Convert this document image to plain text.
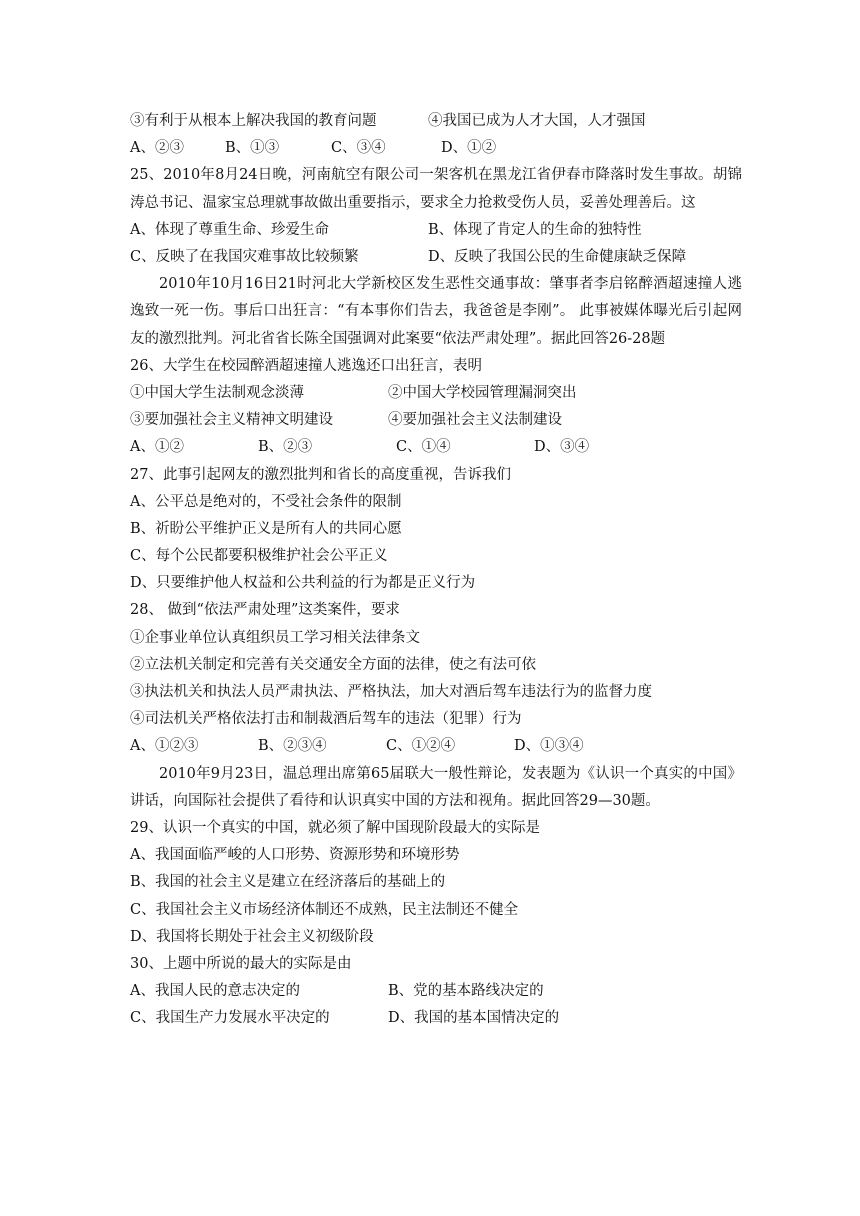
③有利于从根本上解决我国的教育问题	④我国已成为人才大国，人才强国
A、②③	B、①③	C、③④	D、①②
25、2010年8月24日晚，河南航空有限公司一架客机在黑龙江省伊春市降落时发生事故。胡锦涛总书记、温家宝总理就事故做出重要指示，要求全力抢救受伤人员，妥善处理善后。这
A、体现了尊重生命、珍爱生命	B、体现了肯定人的生命的独特性
C、反映了在我国灾难事故比较频繁	D、反映了我国公民的生命健康缺乏保障
2010年10月16日21时河北大学新校区发生恶性交通事故：肇事者李启铭醉酒超速撞人逃逸致一死一伤。事后口出狂言：“有本事你们告去，我爸爸是李刚”。 此事被媒体曝光后引起网友的激烈批判。河北省省长陈全国强调对此案要“依法严肃处理”。据此回答26-28题
26、大学生在校园醉酒超速撞人逃逸还口出狂言，表明
①中国大学生法制观念淡薄	②中国大学校园管理漏洞突出
③要加强社会主义精神文明建设	④要加强社会主义法制建设
A、①②	B、②③	C、①④	D、③④
27、此事引起网友的激烈批判和省长的高度重视，告诉我们
A、公平总是绝对的，不受社会条件的限制
B、祈盼公平维护正义是所有人的共同心愿
C、每个公民都要积极维护社会公平正义
D、只要维护他人权益和公共利益的行为都是正义行为
28、 做到“依法严肃处理”这类案件，要求
①企事业单位认真组织员工学习相关法律条文
②立法机关制定和完善有关交通安全方面的法律，使之有法可依
③执法机关和执法人员严肃执法、严格执法，加大对酒后驾车违法行为的监督力度
④司法机关严格依法打击和制裁酒后驾车的违法（犯罪）行为
A、①②③	B、②③④	C、①②④	D、①③④
2010年9月23日，温总理出席第65届联大一般性辩论，发表题为《认识一个真实的中国》讲话，向国际社会提供了看待和认识真实中国的方法和视角。据此回答29—30题。
29、认识一个真实的中国，就必须了解中国现阶段最大的实际是
A、我国面临严峻的人口形势、资源形势和环境形势
B、我国的社会主义是建立在经济落后的基础上的
C、我国社会主义市场经济体制还不成熟，民主法制还不健全
D、我国将长期处于社会主义初级阶段
30、上题中所说的最大的实际是由
A、我国人民的意志决定的	B、党的基本路线决定的
C、我国生产力发展水平决定的	D、我国的基本国情决定的
